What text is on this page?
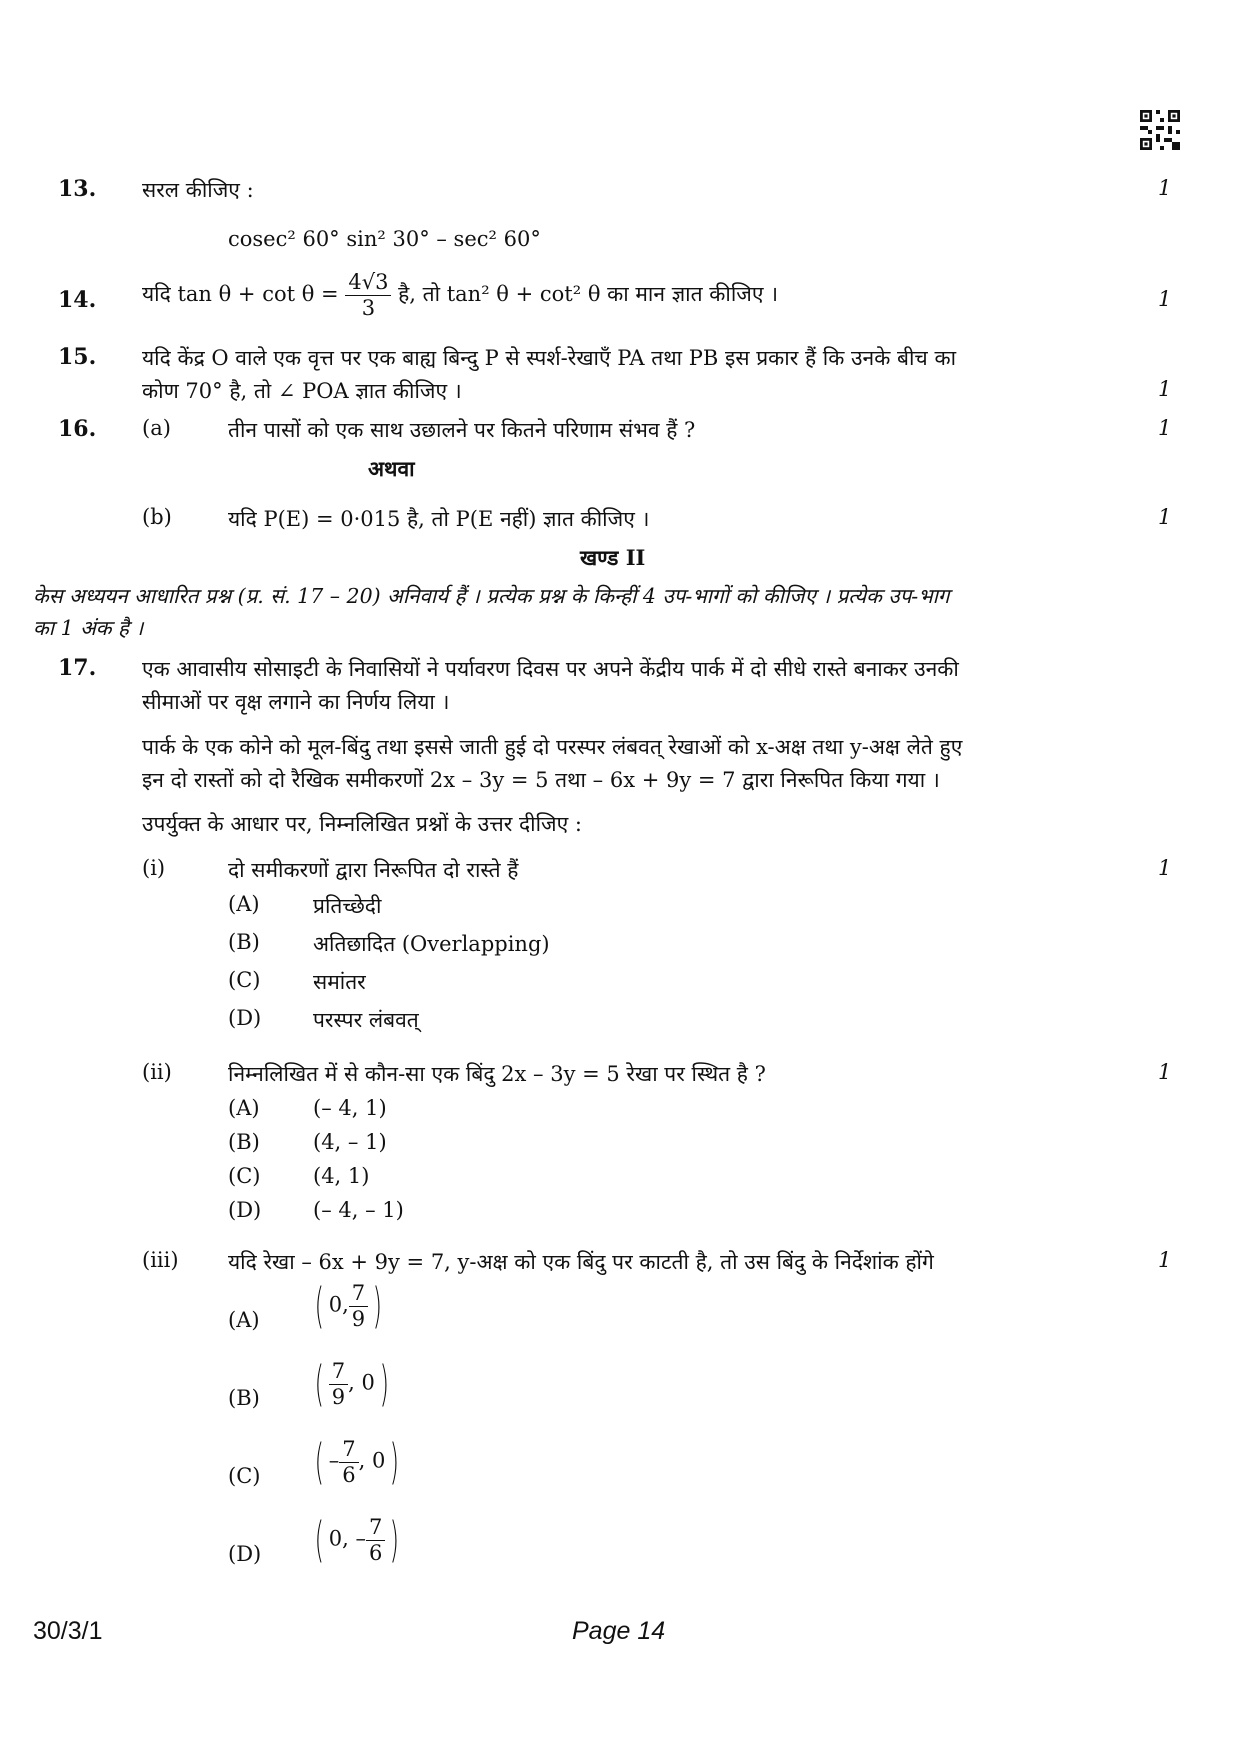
13. सरल कीजिए :	1
cosec² 60° sin² 30° – sec² 60°
14. यदि $\tan \theta + \cot \theta = \frac{4√3}{3}$ है, तो tan² θ + cot² θ का मान ज्ञात कीजिए ।	1
15. यदि केंद्र O वाले एक वृत्त पर एक बाह्य बिन्दु P से स्पर्श-रेखाएँ PA तथा PB इस प्रकार हैं कि उनके बीच का
कोण 70° है, तो ∠ POA ज्ञात कीजिए ।	1
16. (a)	तीन पासों को एक साथ उछालने पर कितने परिणाम संभव हैं ?	1
अथवा
(b)	यदि P(E) = 0·015 है, तो P(E नहीं) ज्ञात कीजिए ।	1
खण्ड II
केस अध्ययन आधारित प्रश्न (प्र. सं. 17 – 20) अनिवार्य हैं । प्रत्येक प्रश्न के किन्हीं 4 उप-भागों को कीजिए । प्रत्येक उप-भाग
का 1 अंक है ।
17. एक आवासीय सोसाइटी के निवासियों ने पर्यावरण दिवस पर अपने केंद्रीय पार्क में दो सीधे रास्ते बनाकर उनकी
सीमाओं पर वृक्ष लगाने का निर्णय लिया ।
पार्क के एक कोने को मूल-बिंदु तथा इससे जाती हुई दो परस्पर लंबवत् रेखाओं को x-अक्ष तथा y-अक्ष लेते हुए
इन दो रास्तों को दो रैखिक समीकरणों 2x – 3y = 5 तथा – 6x + 9y = 7 द्वारा निरूपित किया गया ।
उपर्युक्त के आधार पर, निम्नलिखित प्रश्नों के उत्तर दीजिए :
(i)	दो समीकरणों द्वारा निरूपित दो रास्ते हैं	1
(A)	प्रतिच्छेदी
(B)	अतिछादित (Overlapping)
(C)	समांतर
(D) परस्पर लंबवत्
(ii)	निम्नलिखित में से कौन-सा एक बिंदु 2x – 3y = 5 रेखा पर स्थित है ?	1
(A)	(– 4, 1)
(B)	(4, – 1)
(C)	(4, 1)
(D) (– 4, – 1)
(iii) यदि रेखा – 6x + 9y = 7, y-अक्ष को एक बिंदु पर काटती है, तो उस बिंदु के निर्देशांक होंगे	1
(A) ( 0, $\frac{7}{9}$ )
(B) ( $\frac{7}{9}$ , 0)
(C) ( – $\frac{7}{6}$ , 0)
(D) ( 0, – $\frac{7}{6}$ )
30/3/1	Page 14
